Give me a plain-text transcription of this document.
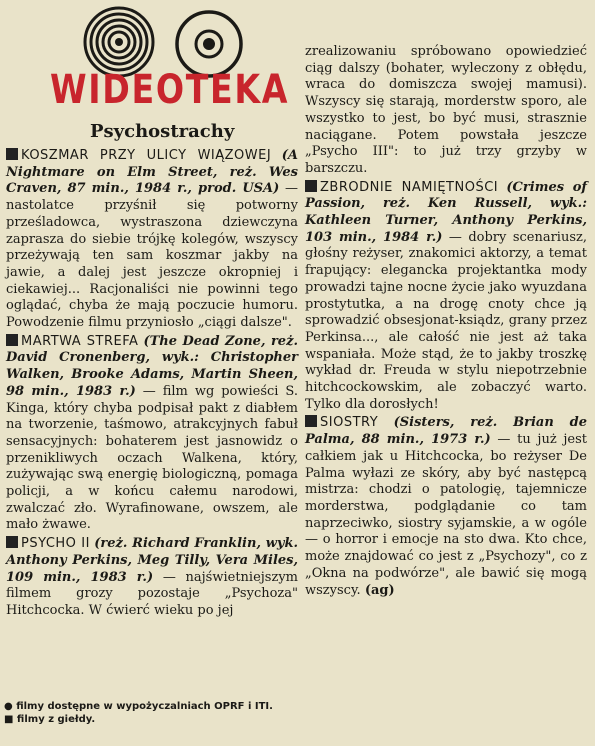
WIDEOTEKA
Psychostrachy

KOSZMAR PRZY ULICY WIĄZOWEJ (A Nightmare on Elm Street, reż. Wes Craven, 87 min., 1984 r., prod. USA) — nastolatce przyśnił się potworny prześladowca, wystraszona dziewczyna zaprasza do siebie trójkę kolegów, wszyscy przeżywają ten sam koszmar jakby na jawie, a dalej jest jeszcze okropniej i ciekawiej... Racjonaliści nie powinni tego oglądać, chyba że mają poczucie humoru. Powodzenie filmu przyniosło „ciągi dalsze".

MARTWA STREFA (The Dead Zone, reż. David Cronenberg, wyk.: Christopher Walken, Brooke Adams, Martin Sheen, 98 min., 1983 r.) — film wg powieści S. Kinga, który chyba podpisał pakt z diabłem na tworzenie, taśmowo, atrakcyjnych fabuł sensacyjnych: bohaterem jest jasnowidz o przenikliwych oczach Walkena, który, zużywając swą energię biologiczną, pomaga policji, a w końcu całemu narodowi, zwalczać zło. Wyrafinowane, owszem, ale mało żwawe.

PSYCHO II (reż. Richard Franklin, wyk. Anthony Perkins, Meg Tilly, Vera Miles, 109 min., 1983 r.) — najświetniejszym filmem grozy pozostaje „Psychoza" Hitchcocka. W ćwierć wieku po jej

zrealizowaniu spróbowano opowiedzieć ciąg dalszy (bohater, wyleczony z obłędu, wraca do domiszcza swojej mamusi). Wszyscy się starają, morderstw sporo, ale wszystko to jest, bo być musi, strasznie naciągane. Potem powstała jeszcze „Psycho III": to już trzy grzyby w barszczu.

ZBRODNIE NAMIĘTNOŚCI (Crimes of Passion, reż. Ken Russell, wyk.: Kathleen Turner, Anthony Perkins, 103 min., 1984 r.) — dobry scenariusz, głośny reżyser, znakomici aktorzy, a temat frapujący: elegancka projektantka mody prowadzi tajne nocne życie jako wyuzdana prostytutka, a na drogę cnoty chce ją sprowadzić obsesjonat-ksiądz, grany przez Perkinsa..., ale całość nie jest aż taka wspaniała. Może stąd, że to jakby troszkę wykład dr. Freuda w stylu niepotrzebnie hitchcockowskim, ale zobaczyć warto. Tylko dla dorosłych!

SIOSTRY (Sisters, reż. Brian de Palma, 88 min., 1973 r.) — tu już jest całkiem jak u Hitchcocka, bo reżyser De Palma wyłazi ze skóry, aby być następcą mistrza: chodzi o patologię, tajemnicze morderstwa, podglądanie co tam naprzeciwko, siostry syjamskie, a w ogóle — o horror i emocje na sto dwa. Kto chce, może znajdować co jest z „Psychozy", co z „Okna na podwórze", ale bawić się mogą wszyscy. (ag)

● filmy dostępne w wypożyczalniach OPRF i ITI.
■ filmy z giełdy.
